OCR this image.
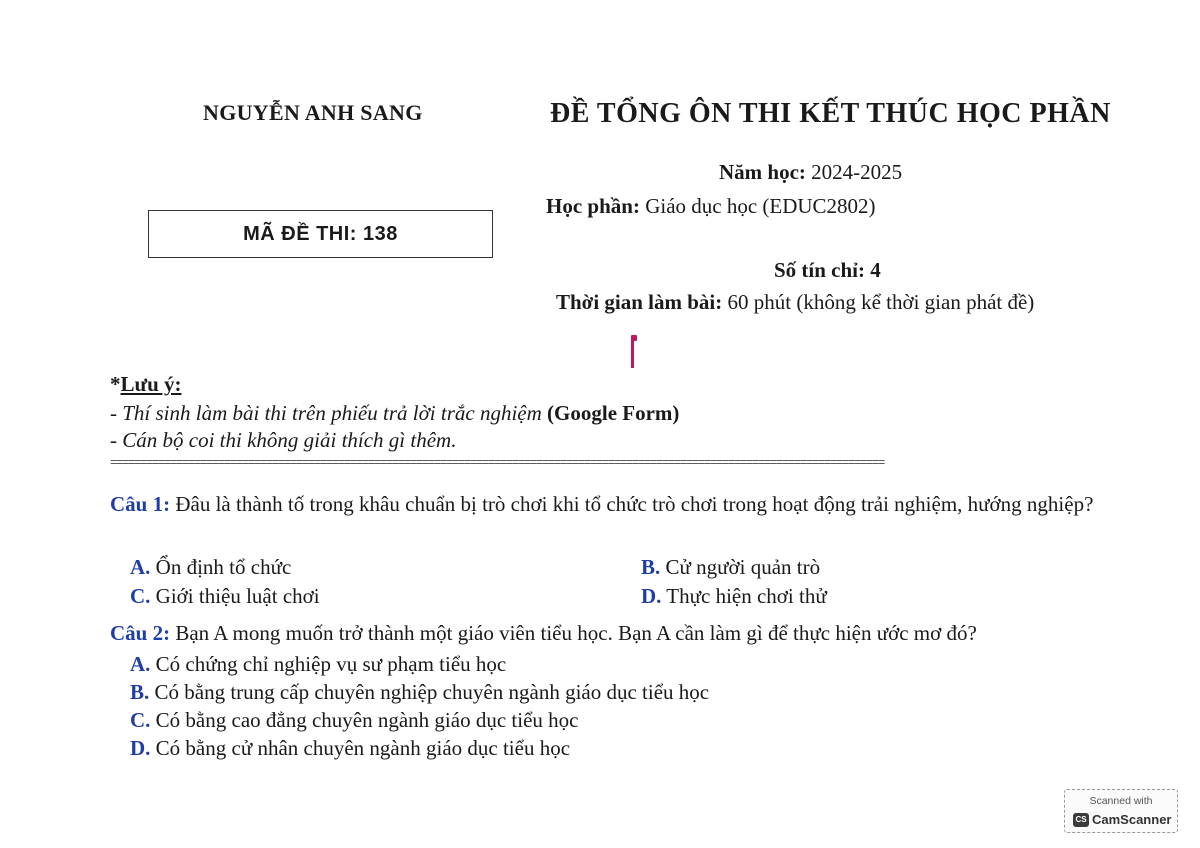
NGUYỄN ANH SANG	ĐỀ TỔNG ÔN THI KẾT THÚC HỌC PHẦN
MÃ ĐỀ THI: 138
Năm học: 2024-2025
Học phần: Giáo dục học (EDUC2802)
Số tín chỉ: 4
Thời gian làm bài: 60 phút (không kể thời gian phát đề)
*Lưu ý:
- Thí sinh làm bài thi trên phiếu trả lời trắc nghiệm (Google Form)
- Cán bộ coi thi không giải thích gì thêm.
=================================================================================================================================
Câu 1: Đâu là thành tố trong khâu chuẩn bị trò chơi khi tổ chức trò chơi trong hoạt động trải nghiệm, hướng nghiệp?
A. Ổn định tổ chức	B. Cử người quản trò
C. Giới thiệu luật chơi	D. Thực hiện chơi thử
Câu 2: Bạn A mong muốn trở thành một giáo viên tiểu học. Bạn A cần làm gì để thực hiện ước mơ đó?
A. Có chứng chỉ nghiệp vụ sư phạm tiểu học
B. Có bằng trung cấp chuyên nghiệp chuyên ngành giáo dục tiểu học
C. Có bằng cao đẳng chuyên ngành giáo dục tiểu học
D. Có bằng cử nhân chuyên ngành giáo dục tiểu học
Scanned with
CS CamScanner
